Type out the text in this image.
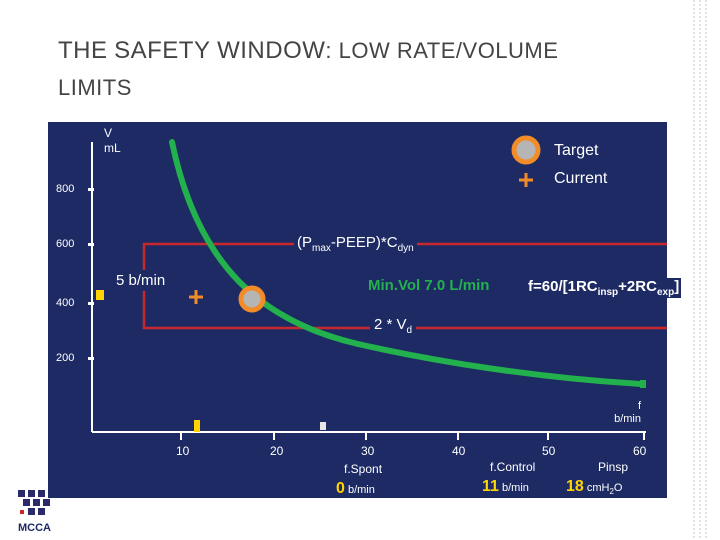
THE SAFETY WINDOW: LOW RATE/VOLUME
LIMITS
V
mL
800
600
400
200
10	20	30	40	50	60
f
b/min
Target
Current
$(P_{max}-PEEP)*C_{dyn}$
5 b/min	Min.Vol 7.0 L/min	$f=60/[1RC_{insp}+2RC_{exp}]$
$2 * V_d$
f.Spont
0 b/min
f.Control
11 b/min
Pinsp
18 cmH$_2$O
MCCA
